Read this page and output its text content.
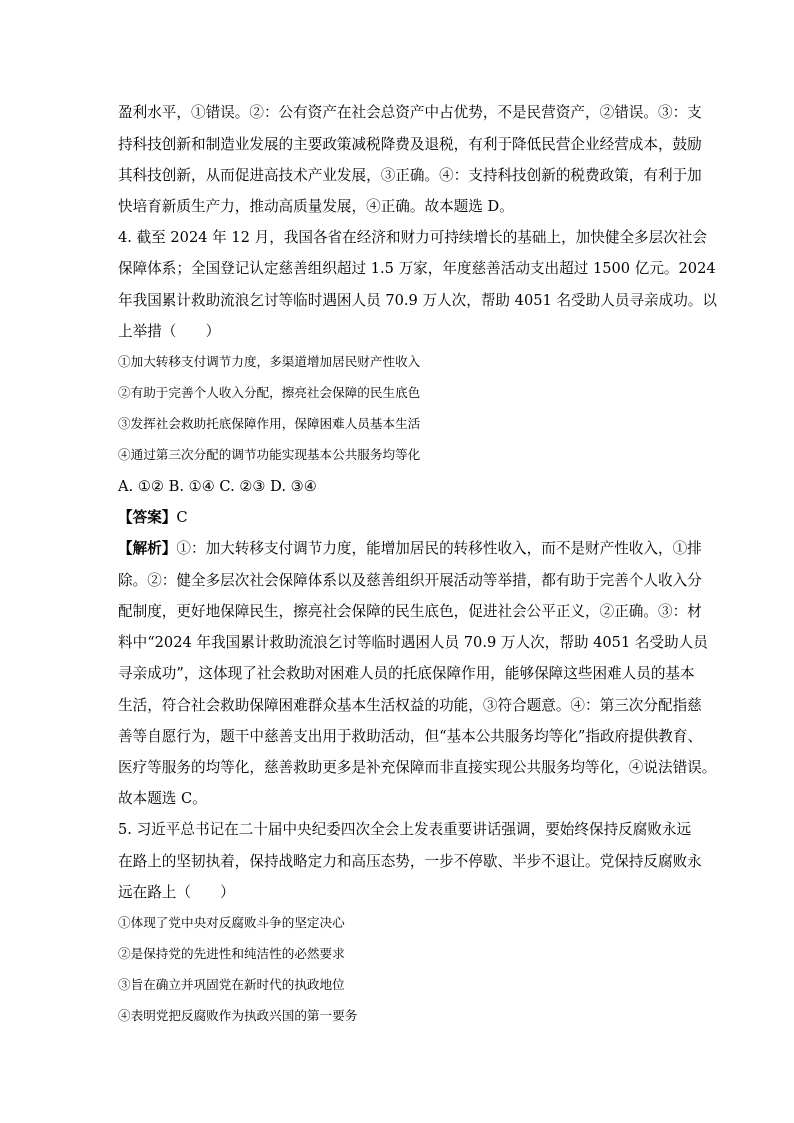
盈利水平，①错误。②：公有资产在社会总资产中占优势，不是民营资产，②错误。③：支
持科技创新和制造业发展的主要政策减税降费及退税，有利于降低民营企业经营成本，鼓励
其科技创新，从而促进高技术产业发展，③正确。④：支持科技创新的税费政策，有利于加
快培育新质生产力，推动高质量发展，④正确。故本题选 D。
4. 截至 2024 年 12 月，我国各省在经济和财力可持续增长的基础上，加快健全多层次社会
保障体系；全国登记认定慈善组织超过 1.5 万家，年度慈善活动支出超过 1500 亿元。2024
年我国累计救助流浪乞讨等临时遇困人员 70.9 万人次，帮助 4051 名受助人员寻亲成功。以
上举措（　　）
①加大转移支付调节力度，多渠道增加居民财产性收入
②有助于完善个人收入分配，擦亮社会保障的民生底色
③发挥社会救助托底保障作用，保障困难人员基本生活
④通过第三次分配的调节功能实现基本公共服务均等化
A. ①② B. ①④ C. ②③ D. ③④
【答案】C
【解析】①：加大转移支付调节力度，能增加居民的转移性收入，而不是财产性收入，①排
除。②：健全多层次社会保障体系以及慈善组织开展活动等举措，都有助于完善个人收入分
配制度，更好地保障民生，擦亮社会保障的民生底色，促进社会公平正义，②正确。③：材
料中“2024 年我国累计救助流浪乞讨等临时遇困人员 70.9 万人次，帮助 4051 名受助人员
寻亲成功”，这体现了社会救助对困难人员的托底保障作用，能够保障这些困难人员的基本
生活，符合社会救助保障困难群众基本生活权益的功能，③符合题意。④：第三次分配指慈
善等自愿行为，题干中慈善支出用于救助活动，但“基本公共服务均等化”指政府提供教育、
医疗等服务的均等化，慈善救助更多是补充保障而非直接实现公共服务均等化，④说法错误。
故本题选 C。
5. 习近平总书记在二十届中央纪委四次全会上发表重要讲话强调，要始终保持反腐败永远
在路上的坚韧执着，保持战略定力和高压态势，一步不停歇、半步不退让。党保持反腐败永
远在路上（　　）
①体现了党中央对反腐败斗争的坚定决心
②是保持党的先进性和纯洁性的必然要求
③旨在确立并巩固党在新时代的执政地位
④表明党把反腐败作为执政兴国的第一要务
